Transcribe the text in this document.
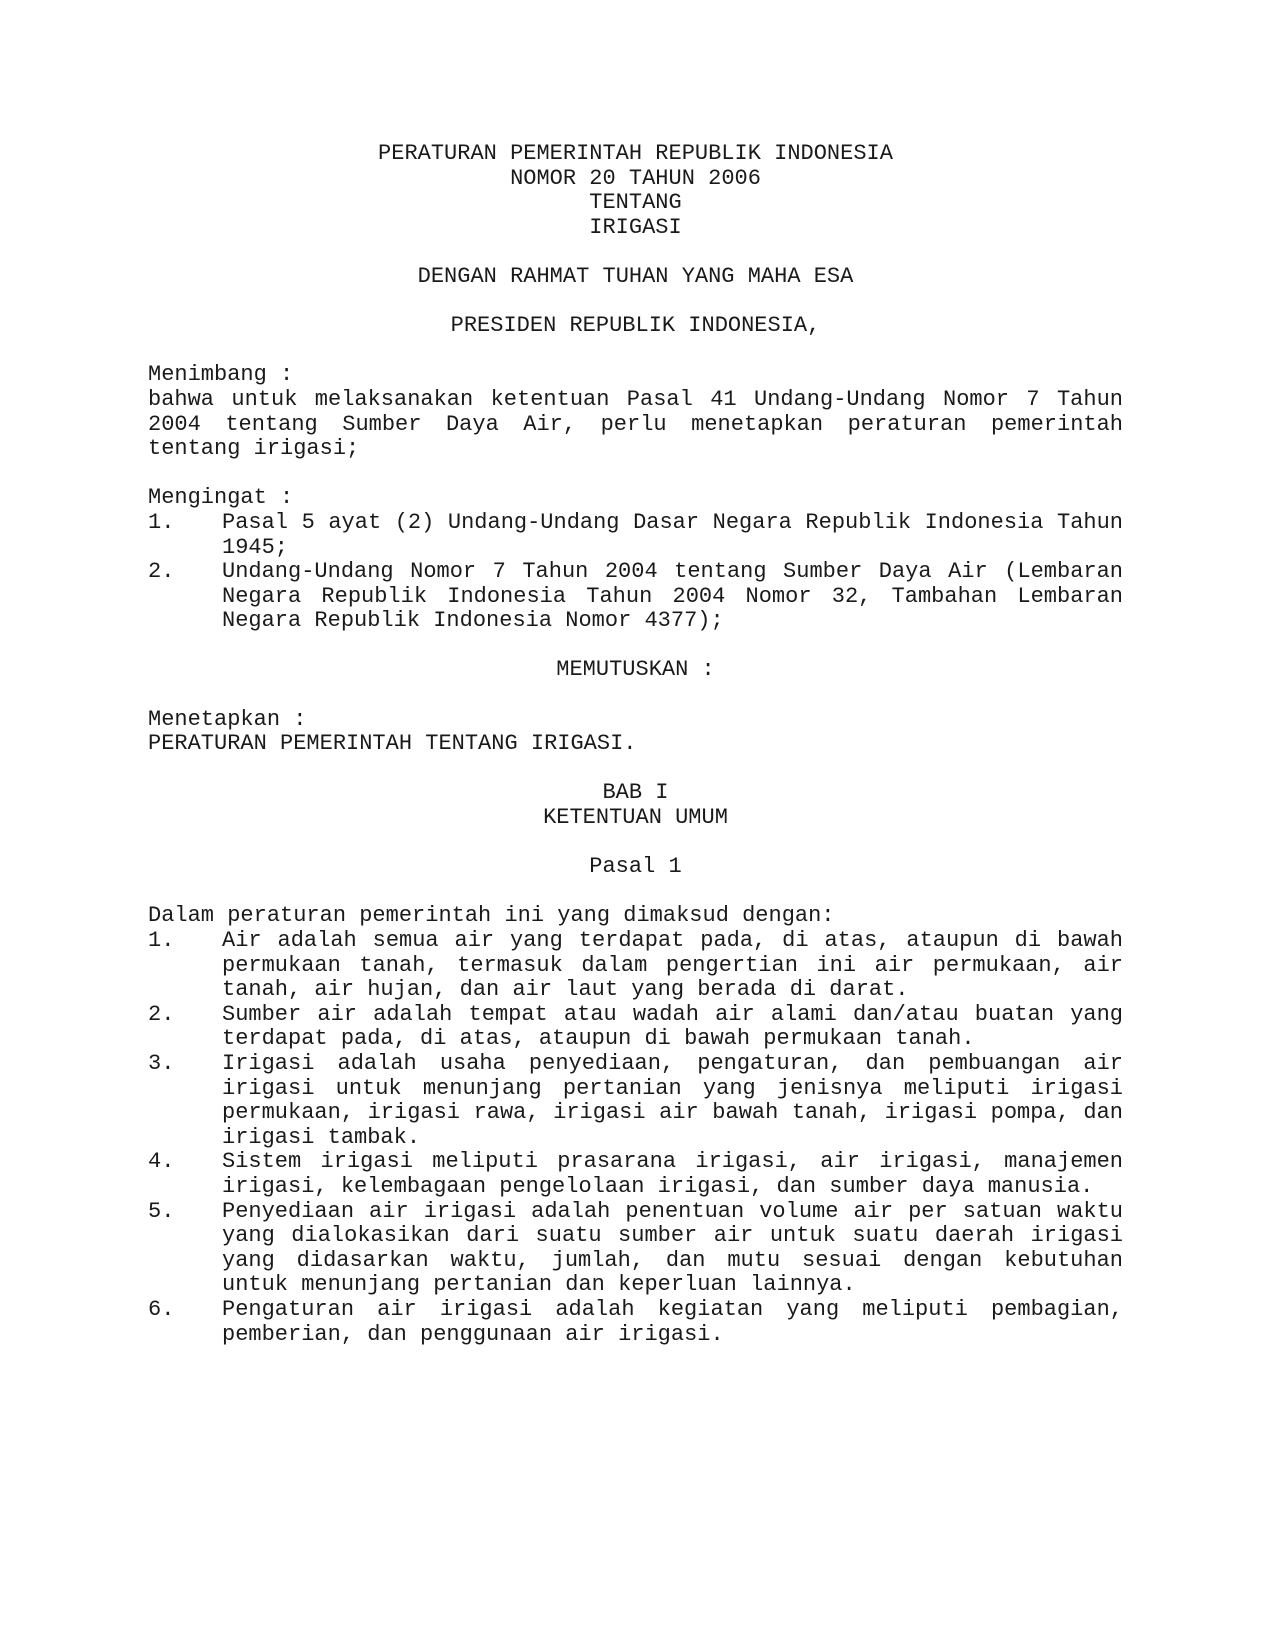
PERATURAN PEMERINTAH REPUBLIK INDONESIA
NOMOR 20 TAHUN 2006
TENTANG
IRIGASI
DENGAN RAHMAT TUHAN YANG MAHA ESA
PRESIDEN REPUBLIK INDONESIA,
Menimbang :
bahwa untuk melaksanakan ketentuan Pasal 41 Undang-Undang Nomor 7 Tahun 2004 tentang Sumber Daya Air, perlu menetapkan peraturan pemerintah tentang irigasi;
Mengingat :
1.	Pasal 5 ayat (2) Undang-Undang Dasar Negara Republik Indonesia Tahun 1945;
2.	Undang-Undang Nomor 7 Tahun 2004 tentang Sumber Daya Air (Lembaran Negara Republik Indonesia Tahun 2004 Nomor 32, Tambahan Lembaran Negara Republik Indonesia Nomor 4377);
MEMUTUSKAN :
Menetapkan :
PERATURAN PEMERINTAH TENTANG IRIGASI.
BAB I
KETENTUAN UMUM
Pasal 1
Dalam peraturan pemerintah ini yang dimaksud dengan:
1.	Air adalah semua air yang terdapat pada, di atas, ataupun di bawah permukaan tanah, termasuk dalam pengertian ini air permukaan, air tanah, air hujan, dan air laut yang berada di darat.
2.	Sumber air adalah tempat atau wadah air alami dan/atau buatan yang terdapat pada, di atas, ataupun di bawah permukaan tanah.
3.	Irigasi adalah usaha penyediaan, pengaturan, dan pembuangan air irigasi untuk menunjang pertanian yang jenisnya meliputi irigasi permukaan, irigasi rawa, irigasi air bawah tanah, irigasi pompa, dan irigasi tambak.
4.	Sistem irigasi meliputi prasarana irigasi, air irigasi, manajemen irigasi, kelembagaan pengelolaan irigasi, dan sumber daya manusia.
5.	Penyediaan air irigasi adalah penentuan volume air per satuan waktu yang dialokasikan dari suatu sumber air untuk suatu daerah irigasi yang didasarkan waktu, jumlah, dan mutu sesuai dengan kebutuhan untuk menunjang pertanian dan keperluan lainnya.
6.	Pengaturan air irigasi adalah kegiatan yang meliputi pembagian, pemberian, dan penggunaan air irigasi.
